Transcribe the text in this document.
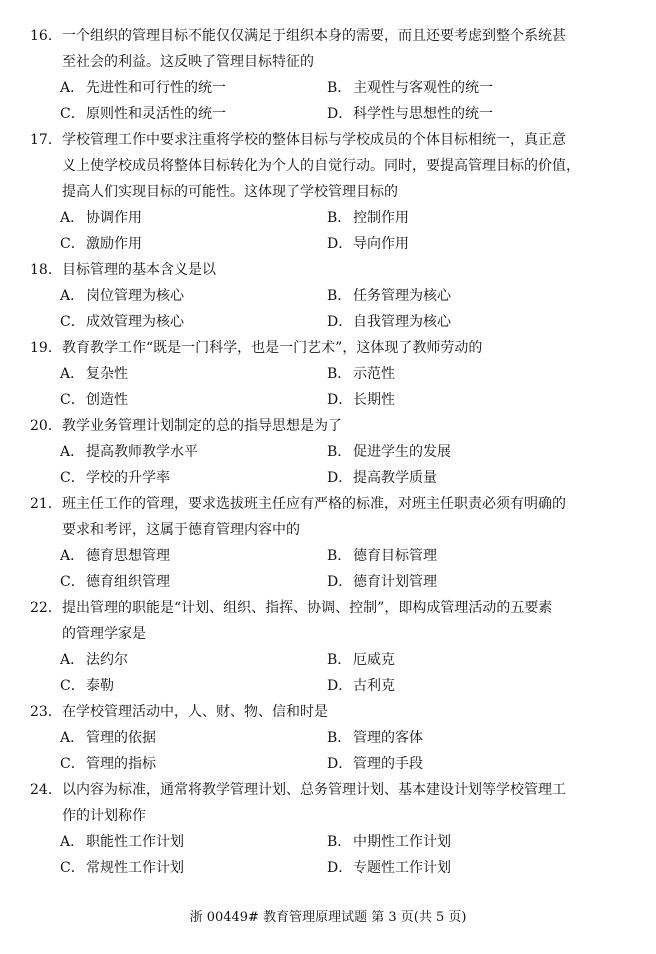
16．一个组织的管理目标不能仅仅满足于组织本身的需要，而且还要考虑到整个系统甚
至社会的利益。这反映了管理目标特征的
A． 先进性和可行性的统一	B． 主观性与客观性的统一
C．原则性和灵活性的统一	D．科学性与思想性的统一
17．学校管理工作中要求注重将学校的整体目标与学校成员的个体目标相统一，真正意
义上使学校成员将整体目标转化为个人的自觉行动。同时，要提高管理目标的价值，
提高人们实现目标的可能性。这体现了学校管理目标的
A． 协调作用	B． 控制作用
C．激励作用	D．导向作用
18．目标管理的基本含义是以
A． 岗位管理为核心	B． 任务管理为核心
C．成效管理为核心	D．自我管理为核心
19．教育教学工作“既是一门科学，也是一门艺术”，这体现了教师劳动的
A． 复杂性	B． 示范性
C．创造性	D．长期性
20．教学业务管理计划制定的总的指导思想是为了
A． 提高教师教学水平	B． 促进学生的发展
C．学校的升学率	D．提高教学质量
21．班主任工作的管理，要求选拔班主任应有严格的标准，对班主任职责必须有明确的
要求和考评，这属于德育管理内容中的
A． 德育思想管理	B． 德育目标管理
C．德育组织管理	D．德育计划管理
22．提出管理的职能是“计划、组织、指挥、协调、控制”，即构成管理活动的五要素
的管理学家是
A． 法约尔	B． 厄威克
C．泰勒	D．古利克
23．在学校管理活动中，人、财、物、信和时是
A． 管理的依据	B． 管理的客体
C．管理的指标	D．管理的手段
24．以内容为标准，通常将教学管理计划、总务管理计划、基本建设计划等学校管理工
作的计划称作
A． 职能性工作计划	B． 中期性工作计划
C．常规性工作计划	D．专题性工作计划
浙 00449# 教育管理原理试题 第 3 页(共 5 页)
